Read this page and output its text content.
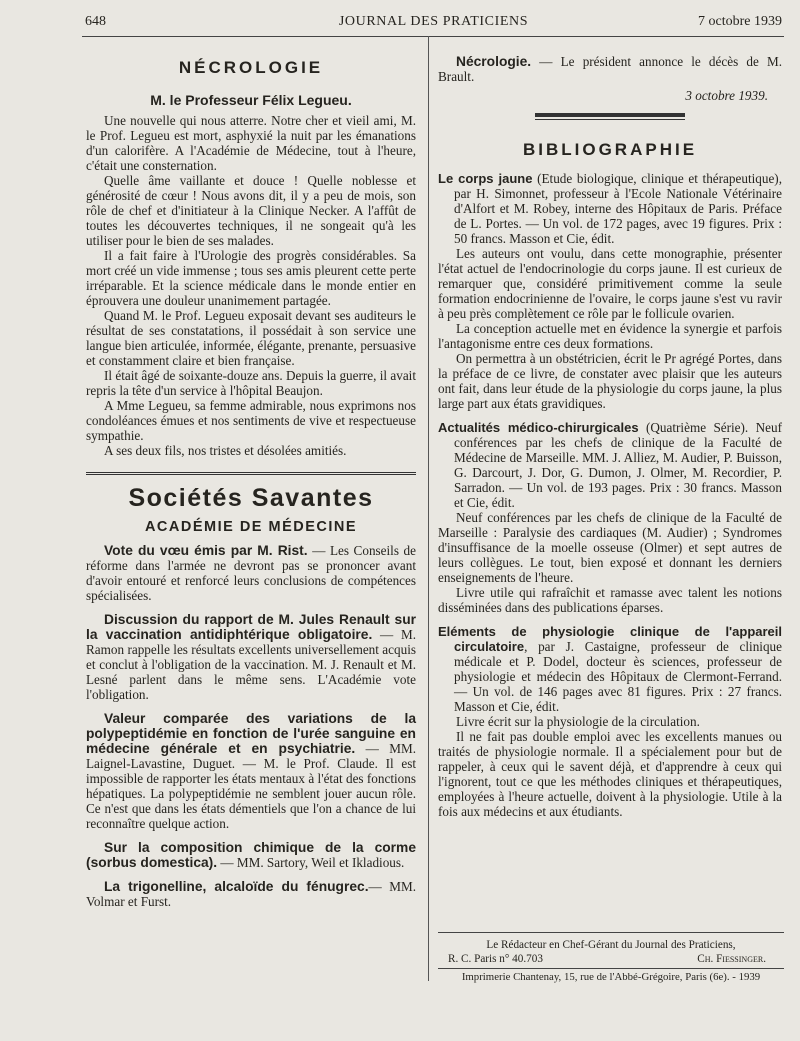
648	JOURNAL DES PRATICIENS	7 octobre 1939
NÉCROLOGIE
M. le Professeur Félix Legueu.

Une nouvelle qui nous atterre. Notre cher et vieil ami, M. le Prof. Legueu est mort, asphyxié la nuit par les émanations d'un calorifère. A l'Académie de Médecine, tout à l'heure, c'était une consternation.

Quelle âme vaillante et douce ! Quelle noblesse et générosité de cœur ! Nous avons dit, il y a peu de mois, son rôle de chef et d'initiateur à la Clinique Necker. A l'affût de toutes les découvertes techniques, il ne songeait qu'à les utiliser pour le bien de ses malades.

Il a fait faire à l'Urologie des progrès considérables. Sa mort créé un vide immense ; tous ses amis pleurent cette perte irréparable. Et la science médicale dans le monde entier en éprouvera une douleur unanimement partagée.

Quand M. le Prof. Legueu exposait devant ses auditeurs le résultat de ses constatations, il possédait à son service une langue bien articulée, informée, élégante, prenante, persuasive et constamment claire et bien française.

Il était âgé de soixante-douze ans. Depuis la guerre, il avait repris la tête d'un service à l'hôpital Beaujon.

A Mme Legueu, sa femme admirable, nous exprimons nos condoléances émues et nos sentiments de vive et respectueuse sympathie.

A ses deux fils, nos tristes et désolées amitiés.

Sociétés Savantes
ACADÉMIE DE MÉDECINE

Vote du vœu émis par M. Rist. — Les Conseils de réforme dans l'armée ne devront pas se prononcer avant d'avoir entouré et renforcé leurs conclusions de compétences spécialisées.

Discussion du rapport de M. Jules Renault sur la vaccination antidiphtérique obligatoire. — M. Ramon rappelle les résultats excellents universellement acquis et conclut à l'obligation de la vaccination. M. J. Renault et M. Lesné parlent dans le même sens. L'Académie vote l'obligation.

Valeur comparée des variations de la polypeptidémie en fonction de l'urée sanguine en médecine générale et en psychiatrie. — MM. Laignel-Lavastine, Duguet. — M. le Prof. Claude. Il est impossible de rapporter les états mentaux à l'état des fonctions hépatiques. La polypeptidémie ne semblent jouer aucun rôle. Ce n'est que dans les états démentiels que l'on a chance de lui reconnaître quelque action.

Sur la composition chimique de la corme (sorbus domestica). — MM. Sartory, Weil et Ikladious.

La trigonelline, alcaloïde du fénugrec.— MM. Volmar et Furst.

Nécrologie. — Le président annonce le décès de M. Brault.

3 octobre 1939.
BIBLIOGRAPHIE

Le corps jaune (Etude biologique, clinique et thérapeutique), par H. Simonnet, professeur à l'Ecole Nationale Vétérinaire d'Alfort et M. Robey, interne des Hôpitaux de Paris. Préface de L. Portes. — Un vol. de 172 pages, avec 19 figures. Prix : 50 francs. Masson et Cie, édit.

Les auteurs ont voulu, dans cette monographie, présenter l'état actuel de l'endocrinologie du corps jaune. Il est curieux de remarquer que, considéré primitivement comme la seule formation endocrinienne de l'ovaire, le corps jaune s'est vu ravir à peu près complètement ce rôle par le follicule ovarien.

La conception actuelle met en évidence la synergie et parfois l'antagonisme entre ces deux formations.

On permettra à un obstétricien, écrit le Pr agrégé Portes, dans la préface de ce livre, de constater avec plaisir que les auteurs ont fait, dans leur étude de la physiologie du corps jaune, la plus large part aux états gravidiques.

Actualités médico-chirurgicales (Quatrième Série). Neuf conférences par les chefs de clinique de la Faculté de Médecine de Marseille. MM. J. Alliez, M. Audier, P. Buisson, G. Darcourt, J. Dor, G. Dumon, J. Olmer, M. Recordier, P. Sarradon. — Un vol. de 193 pages. Prix : 30 francs. Masson et Cie, édit.

Neuf conférences par les chefs de clinique de la Faculté de Marseille : Paralysie des cardiaques (M. Audier) ; Syndromes d'insuffisance de la moelle osseuse (Olmer) et sept autres de leurs collègues. Le tout, bien exposé et donnant les derniers enseignements de l'heure.

Livre utile qui rafraîchit et ramasse avec talent les notions disséminées dans des publications éparses.

Eléments de physiologie clinique de l'appareil circulatoire, par J. Castaigne, professeur de clinique médicale et P. Dodel, docteur ès sciences, professeur de physiologie et médecin des Hôpitaux de Clermont-Ferrand. — Un vol. de 146 pages avec 81 figures. Prix : 27 francs. Masson et Cie, édit.

Livre écrit sur la physiologie de la circulation.

Il ne fait pas double emploi avec les excellents manues ou traités de physiologie normale. Il a spécialement pour but de rappeler, à ceux qui le savent déjà, et d'apprendre à ceux qui l'ignorent, tout ce que les méthodes cliniques et thérapeutiques, employées à l'heure actuelle, doivent à la physiologie. Utile à la fois aux médecins et aux étudiants.

Le Rédacteur en Chef-Gérant du Journal des Praticiens,
R. C. Paris n° 40.703	Ch. Fiessinger.
Imprimerie Chantenay, 15, rue de l'Abbé-Grégoire, Paris (6e). - 1939
